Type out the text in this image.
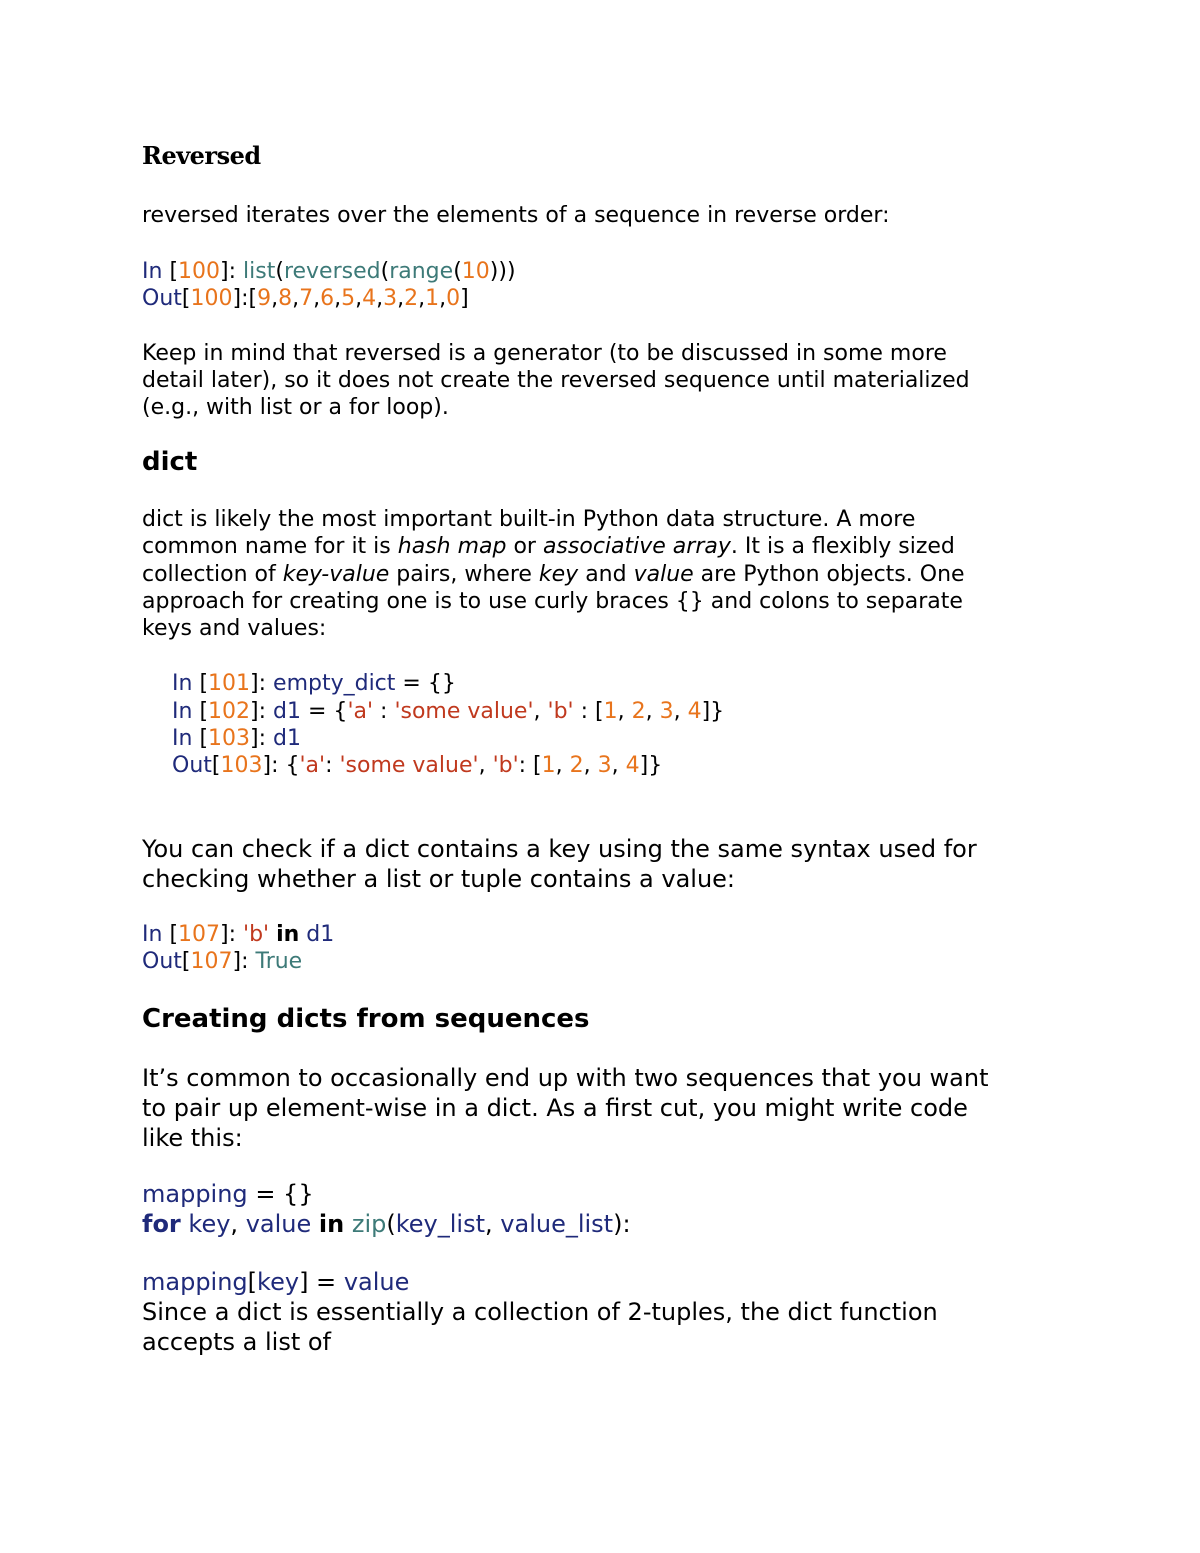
Reversed
reversed iterates over the elements of a sequence in reverse order:
In [100]: list(reversed(range(10)))
Out[100]:[9,8,7,6,5,4,3,2,1,0]
Keep in mind that reversed is a generator (to be discussed in some more
detail later), so it does not create the reversed sequence until materialized
(e.g., with list or a for loop).
dict
dict is likely the most important built-in Python data structure. A more
common name for it is hash map or associative array. It is a flexibly sized
collection of key-value pairs, where key and value are Python objects. One
approach for creating one is to use curly braces {} and colons to separate
keys and values:
In [101]: empty_dict = {}
In [102]: d1 = {'a' : 'some value', 'b' : [1, 2, 3, 4]}
In [103]: d1
Out[103]: {'a': 'some value', 'b': [1, 2, 3, 4]}
You can check if a dict contains a key using the same syntax used for
checking whether a list or tuple contains a value:
In [107]: 'b' in d1
Out[107]: True
Creating dicts from sequences
It’s common to occasionally end up with two sequences that you want
to pair up element-wise in a dict. As a first cut, you might write code
like this:
mapping = {}
for key, value in zip(key_list, value_list):
mapping[key] = value
Since a dict is essentially a collection of 2-tuples, the dict function
accepts a list of
